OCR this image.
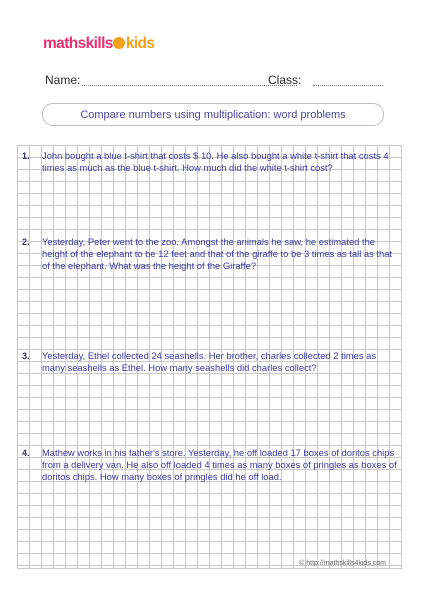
mathskills kids
Name:	Class:
Compare numbers using multiplication: word problems
1. John bought a blue t-shirt that costs $ 10. He also bought a white t-shirt that costs 4 times as much as the blue t-shirt. How much did the white t-shirt cost?
2. Yesterday, Peter went to the zoo. Amongst the animals he saw, he estimated the height of the elephant to be 12 feet and that of the giraffe to be 3 times as tall as that of the elephant. What was the height of the Giraffe?
3. Yesterday, Ethel collected 24 seashells. Her brother, charles collected 2 times as many seashells as Ethel. How many seashells did charles collect?
4. Mathew works in his father's store. Yesterday, he off loaded 17 boxes of doritos chips from a delivery van. He also off loaded 4 times as many boxes of pringles as boxes of doritos chips. How many boxes of pringles did he off load.
© http://mathskills4kids.com
